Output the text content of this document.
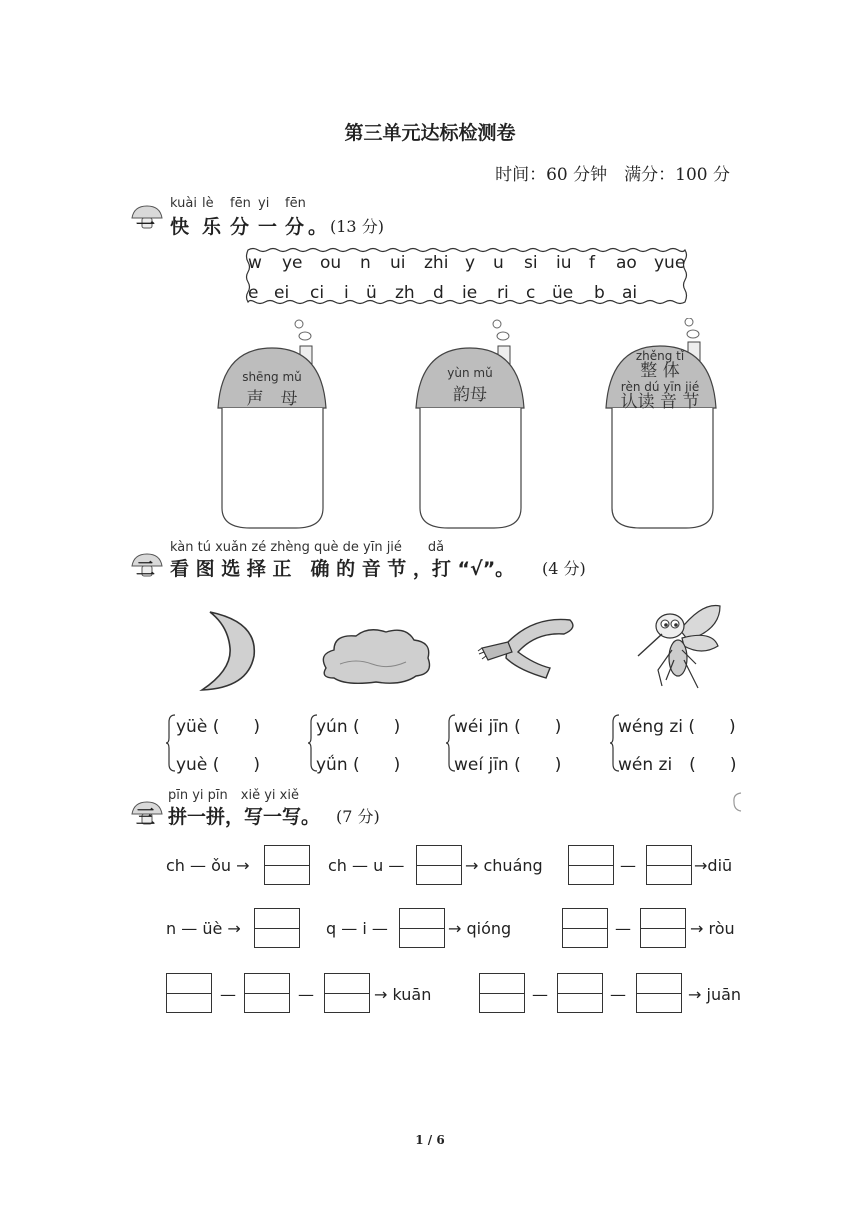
第三单元达标检测卷
时间：60 分钟　满分：100 分
一
kuài lè fēn yi fēn
快 乐 分 一 分 。 (13 分)
w ye ou n ui zhi y u si iu f ao yue
e ei ci i ü zh d ie ri c üe b ai
shēng mǔ
声　母
yùn mǔ
韵母
zhěng tǐ
整 体
rèn dú yīn jié
认读 音 节
二
kàn tú xuǎn zé zhèng què de yīn jié　　dǎ
看 图 选 择 正　确 的 音 节 ，打 “√”。 (4 分)
yüè (　　)
yuè (　　)
yún (　　)
yǘn (　　)
wéi jīn (　　)
weí jīn (　　)
wéng zi (　　)
wén zi　(　　)
三
pīn yi pīn　xiě yi xiě
拼一拼，写一写。 (7 分)
ch — ǒu →	ch — u —	→ chuáng	—	→diū
n — üè →	q — i —	→ qióng	—	→ ròu
—	—	→ kuān	—	—	→ juān
1 / 6
